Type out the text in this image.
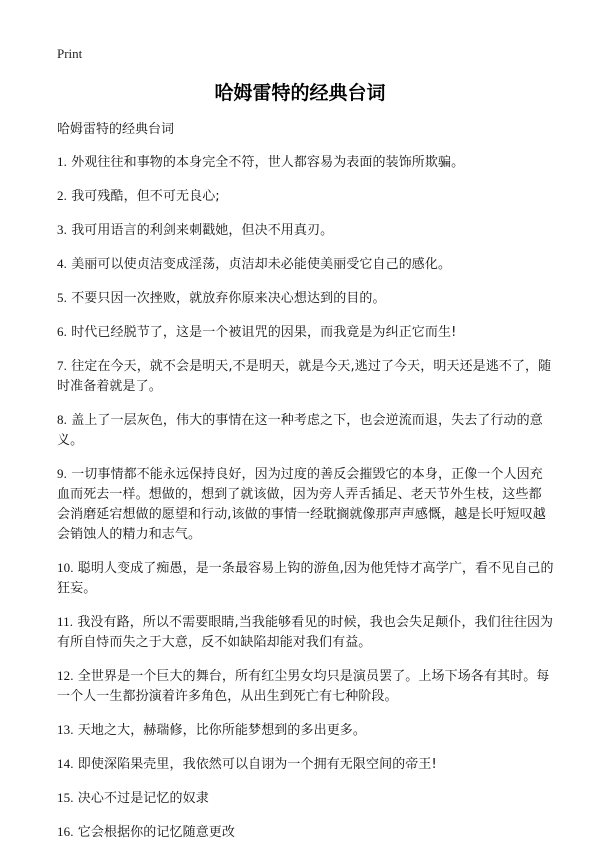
Print
哈姆雷特的经典台词
哈姆雷特的经典台词

1. 外观往往和事物的本身完全不符，世人都容易为表面的装饰所欺骗。

2. 我可残酷，但不可无良心;

3. 我可用语言的利剑来刺戳她，但决不用真刃。

4. 美丽可以使贞洁变成淫荡，贞洁却未必能使美丽受它自己的感化。

5. 不要只因一次挫败，就放弃你原来决心想达到的目的。

6. 时代已经脱节了，这是一个被诅咒的因果，而我竟是为纠正它而生!

7. 往定在今天，就不会是明天,不是明天，就是今天,逃过了今天，明天还是逃不了，随时准备着就是了。

8. 盖上了一层灰色，伟大的事情在这一种考虑之下，也会逆流而退，失去了行动的意义。

9. 一切事情都不能永远保持良好，因为过度的善反会摧毁它的本身，正像一个人因充血而死去一样。想做的，想到了就该做，因为旁人弄舌插足、老天节外生枝，这些都会消磨延宕想做的愿望和行动,该做的事情一经耽搁就像那声声感慨，越是长吁短叹越会销蚀人的精力和志气。

10. 聪明人变成了痴愚，是一条最容易上钩的游鱼,因为他凭恃才高学广，看不见自己的狂妄。

11. 我没有路，所以不需要眼睛,当我能够看见的时候，我也会失足颠仆，我们往往因为有所自恃而失之于大意，反不如缺陷却能对我们有益。

12. 全世界是一个巨大的舞台，所有红尘男女均只是演员罢了。上场下场各有其时。每一个人一生都扮演着许多角色，从出生到死亡有七种阶段。

13. 天地之大，赫瑞修，比你所能梦想到的多出更多。

14. 即使深陷果壳里，我依然可以自诩为一个拥有无限空间的帝王!

15. 决心不过是记忆的奴隶

16. 它会根据你的记忆随意更改
